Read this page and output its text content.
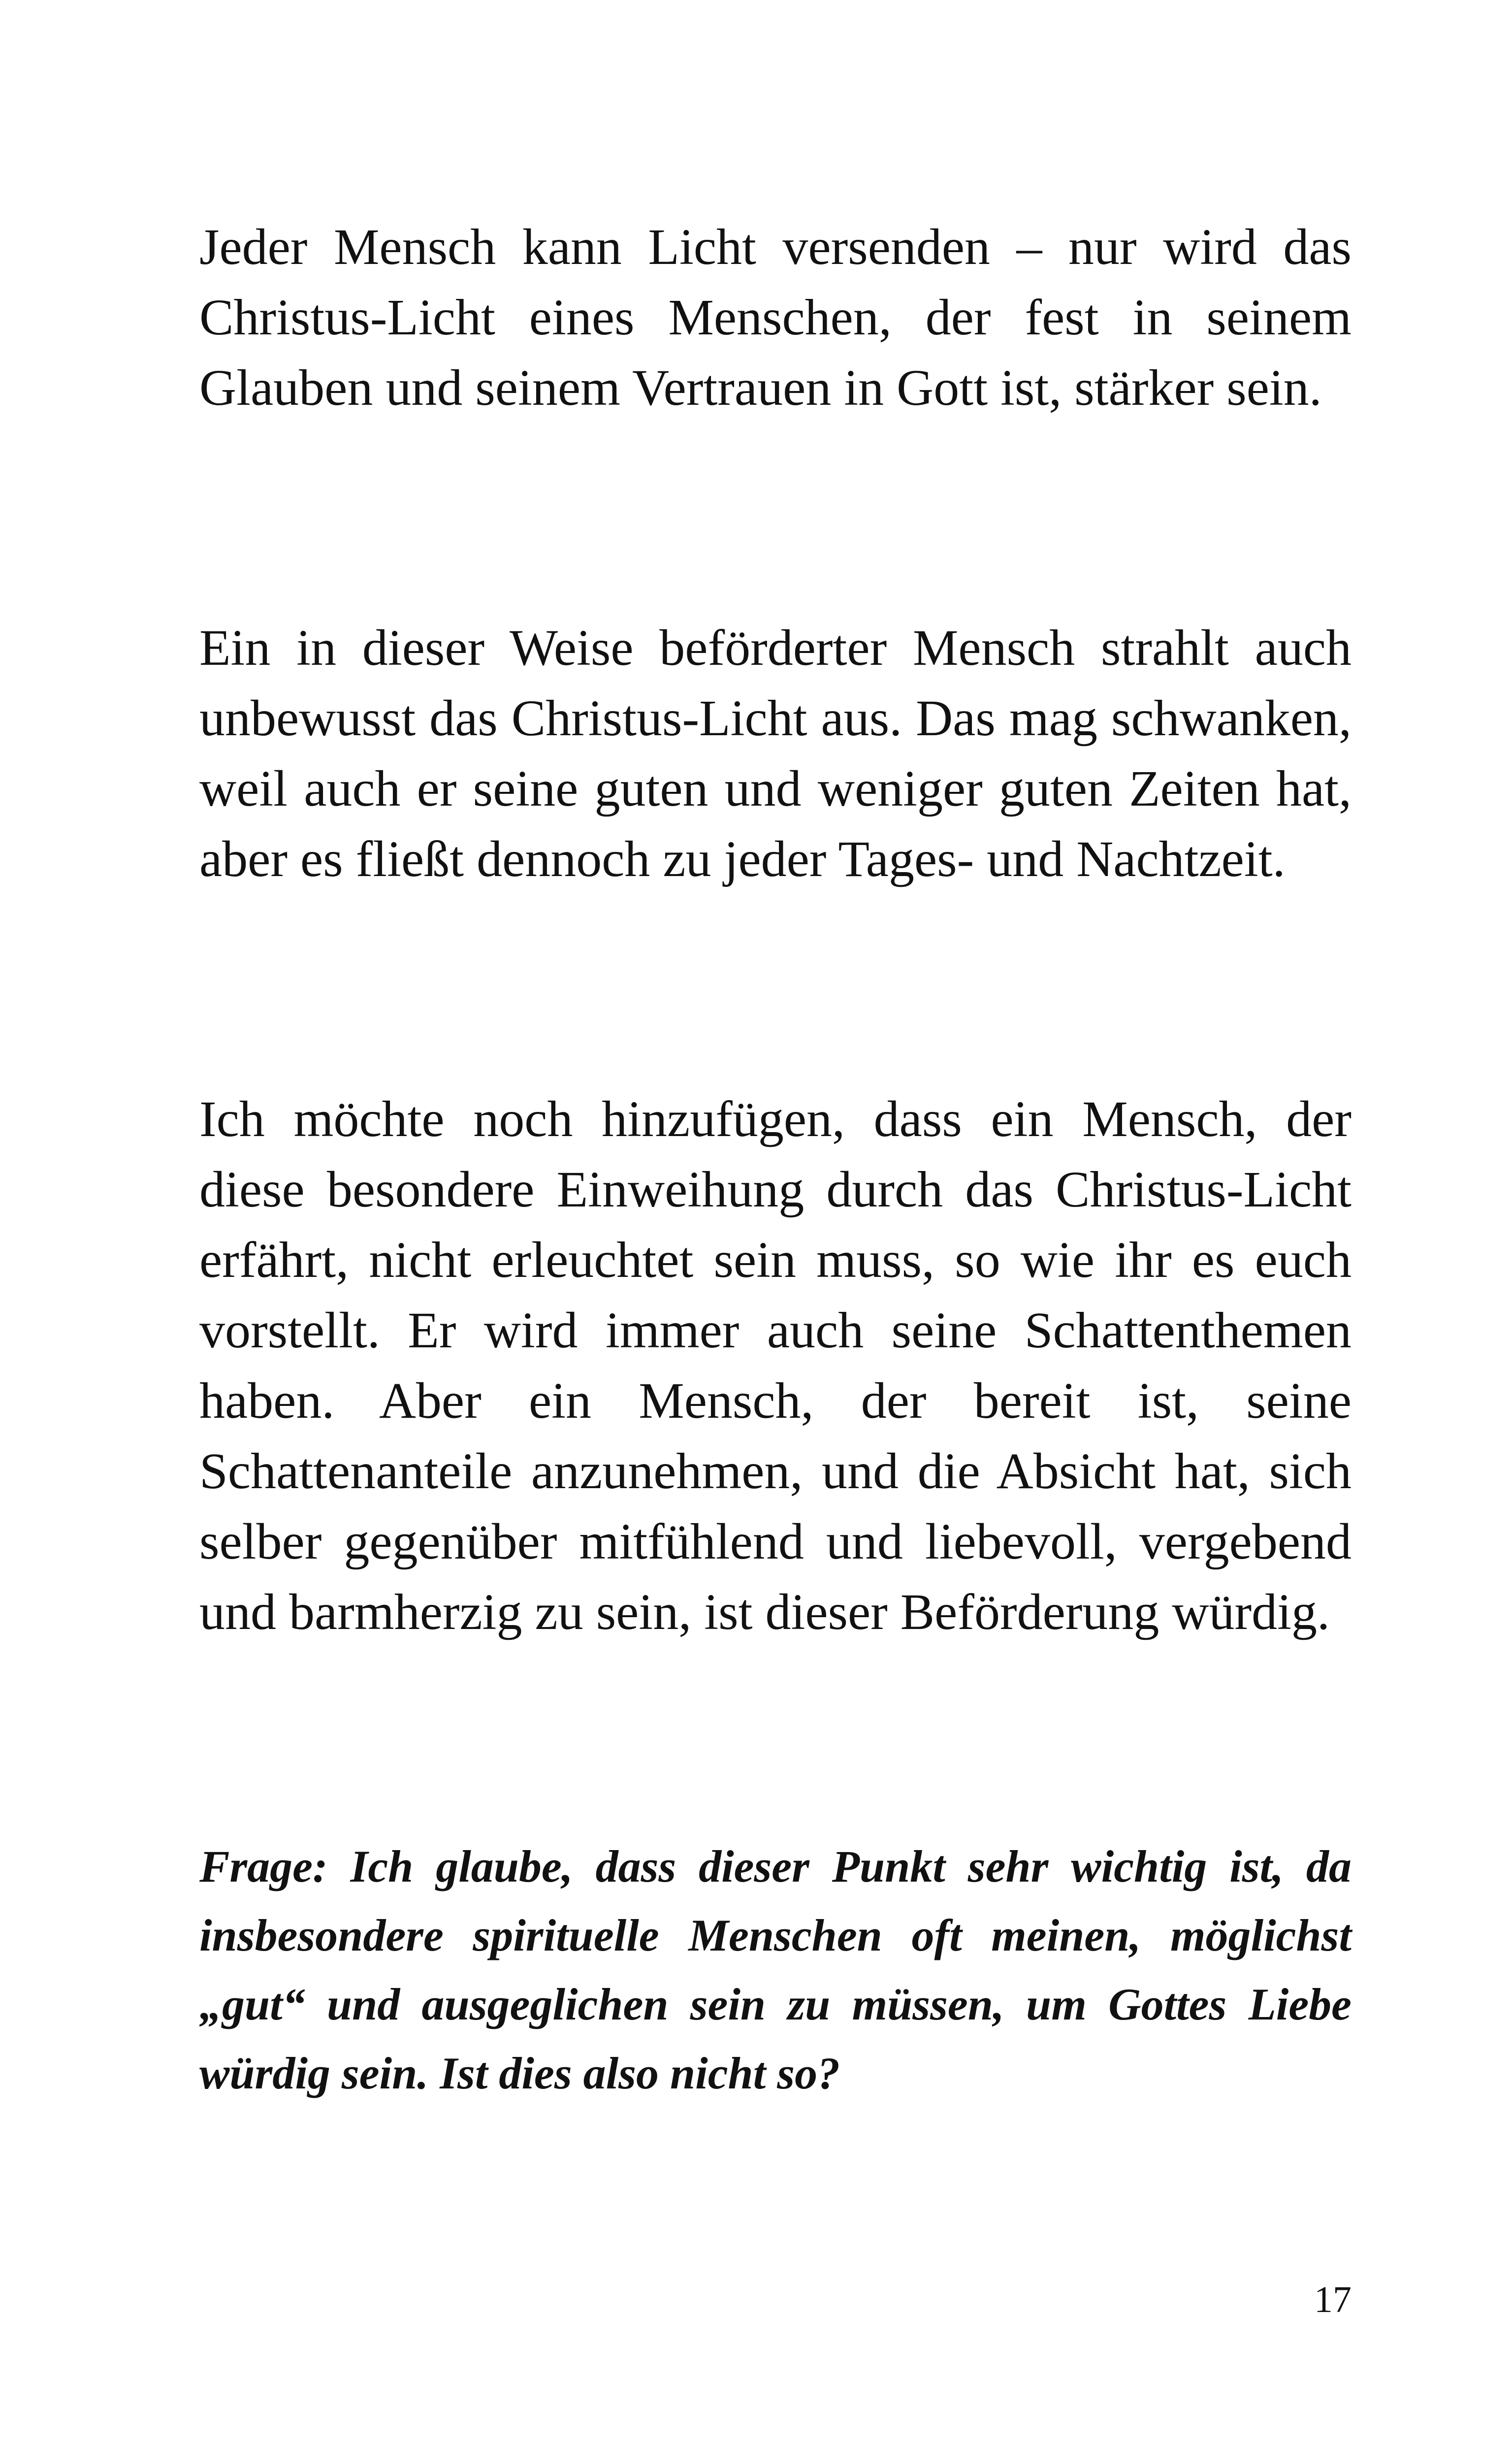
Jeder Mensch kann Licht versenden – nur wird das Christus-Licht eines Menschen, der fest in seinem Glauben und seinem Vertrauen in Gott ist, stärker sein.

Ein in dieser Weise beförderter Mensch strahlt auch unbewusst das Christus-Licht aus. Das mag schwanken, weil auch er seine guten und weniger guten Zeiten hat, aber es fließt dennoch zu jeder Tages- und Nachtzeit.

Ich möchte noch hinzufügen, dass ein Mensch, der diese besondere Einweihung durch das Christus-Licht erfährt, nicht erleuchtet sein muss, so wie ihr es euch vorstellt. Er wird immer auch seine Schattenthemen haben. Aber ein Mensch, der bereit ist, seine Schattenanteile anzunehmen, und die Absicht hat, sich selber gegenüber mitfühlend und liebevoll, vergebend und barmherzig zu sein, ist dieser Beförderung würdig.

Frage: Ich glaube, dass dieser Punkt sehr wichtig ist, da insbesondere spirituelle Menschen oft meinen, möglichst „gut“ und ausgeglichen sein zu müssen, um Gottes Liebe würdig sein. Ist dies also nicht so?

17
